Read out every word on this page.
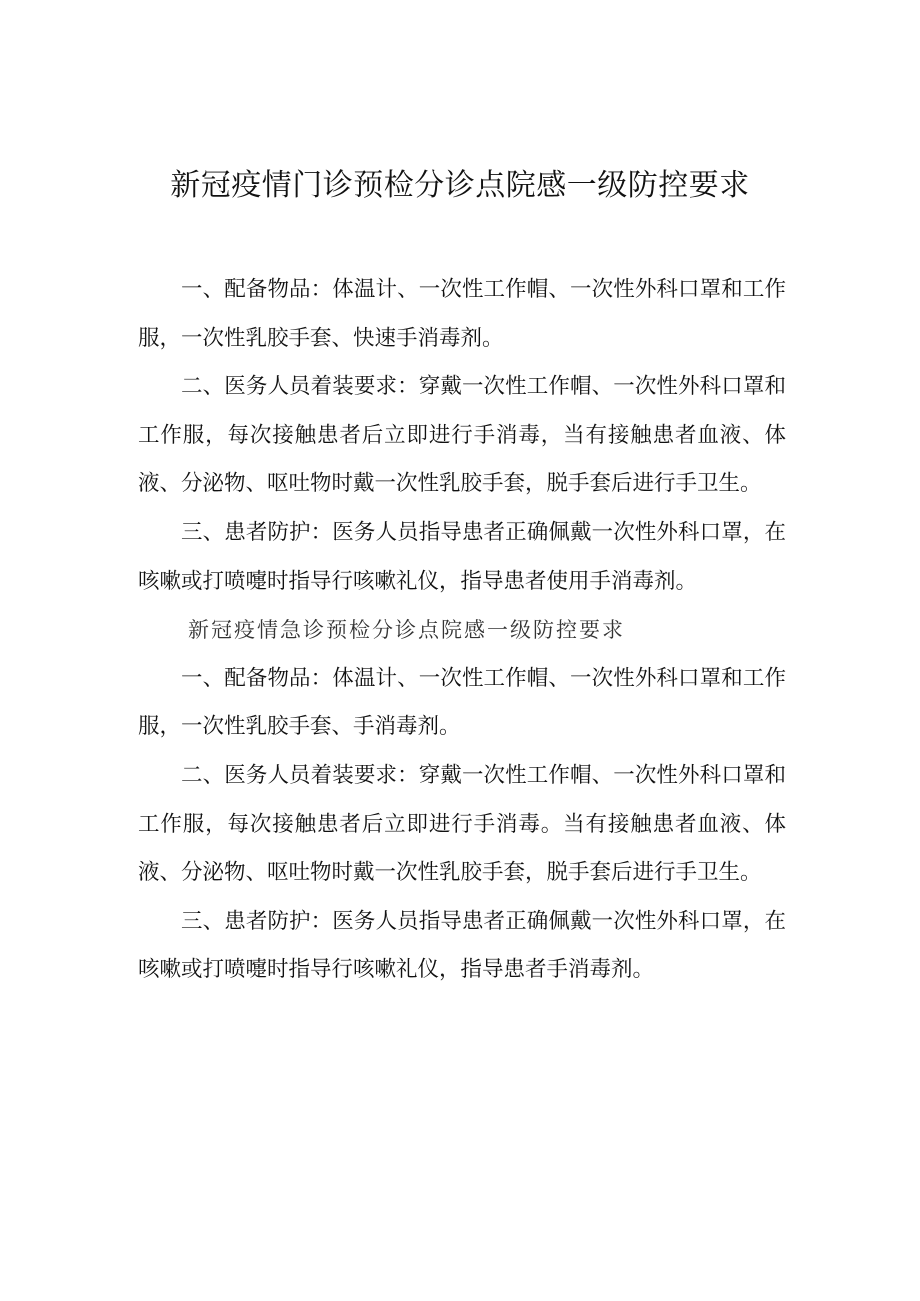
新冠疫情门诊预检分诊点院感一级防控要求

一、配备物品：体温计、一次性工作帽、一次性外科口罩和工作服，一次性乳胶手套、快速手消毒剂。

二、医务人员着装要求：穿戴一次性工作帽、一次性外科口罩和工作服，每次接触患者后立即进行手消毒，当有接触患者血液、体液、分泌物、呕吐物时戴一次性乳胶手套，脱手套后进行手卫生。

三、患者防护：医务人员指导患者正确佩戴一次性外科口罩，在咳嗽或打喷嚏时指导行咳嗽礼仪，指导患者使用手消毒剂。

新冠疫情急诊预检分诊点院感一级防控要求

一、配备物品：体温计、一次性工作帽、一次性外科口罩和工作服，一次性乳胶手套、手消毒剂。

二、医务人员着装要求：穿戴一次性工作帽、一次性外科口罩和工作服，每次接触患者后立即进行手消毒。当有接触患者血液、体液、分泌物、呕吐物时戴一次性乳胶手套，脱手套后进行手卫生。

三、患者防护：医务人员指导患者正确佩戴一次性外科口罩，在咳嗽或打喷嚏时指导行咳嗽礼仪，指导患者手消毒剂。
